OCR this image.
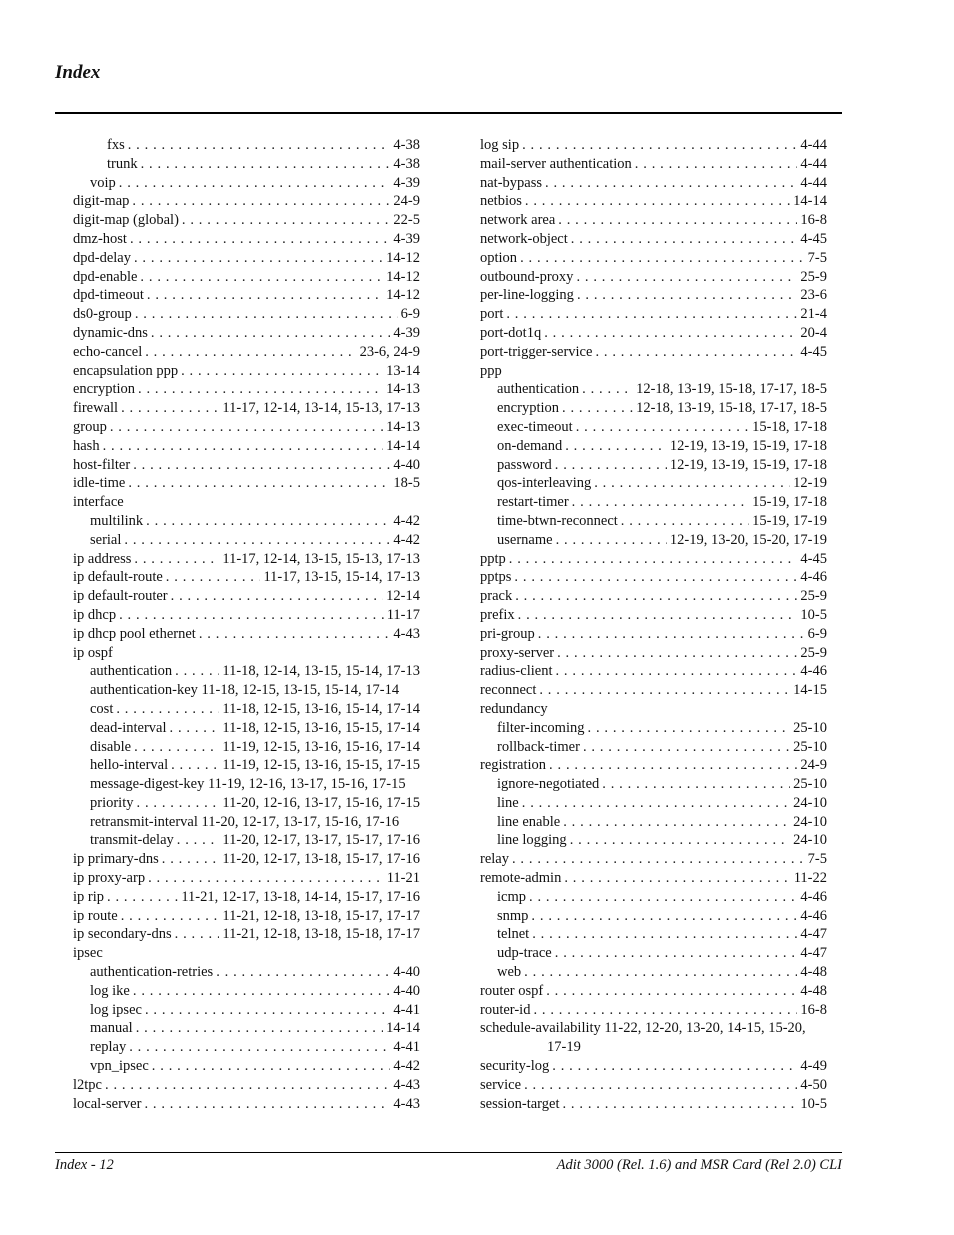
Index
fxs . . .	4-38
trunk . . .	4-38
voip . . .	4-39
digit-map . . .	24-9
digit-map (global) . . .	22-5
dmz-host . . .	4-39
dpd-delay . . .	14-12
dpd-enable . . .	14-12
dpd-timeout . . .	14-12
ds0-group . . .	6-9
dynamic-dns . . .	4-39
echo-cancel . . .	23-6, 24-9
encapsulation ppp . . .	13-14
encryption . . .	14-13
firewall . . .	11-17, 12-14, 13-14, 15-13, 17-13
group . . .	14-13
hash . . .	14-14
host-filter . . .	4-40
idle-time . . .	18-5
interface
multilink . . .	4-42
serial . . .	4-42
ip address . . .	11-17, 12-14, 13-15, 15-13, 17-13
ip default-route . . .	11-17, 13-15, 15-14, 17-13
ip default-router . . .	12-14
ip dhcp . . .	11-17
ip dhcp pool ethernet . . .	4-43
ip ospf
authentication . . .	11-18, 12-14, 13-15, 15-14, 17-13
authentication-key 11-18, 12-15, 13-15, 15-14, 17-14
cost . . .	11-18, 12-15, 13-16, 15-14, 17-14
dead-interval . . .	11-18, 12-15, 13-16, 15-15, 17-14
disable . . .	11-19, 12-15, 13-16, 15-16, 17-14
hello-interval . . .	11-19, 12-15, 13-16, 15-15, 17-15
message-digest-key 11-19, 12-16, 13-17, 15-16, 17-15
priority . . .	11-20, 12-16, 13-17, 15-16, 17-15
retransmit-interval 11-20, 12-17, 13-17, 15-16, 17-16
transmit-delay . . .	11-20, 12-17, 13-17, 15-17, 17-16
ip primary-dns . . .	11-20, 12-17, 13-18, 15-17, 17-16
ip proxy-arp . . .	11-21
ip rip . . .	11-21, 12-17, 13-18, 14-14, 15-17, 17-16
ip route . . .	11-21, 12-18, 13-18, 15-17, 17-17
ip secondary-dns . . .	11-21, 12-18, 13-18, 15-18, 17-17
ipsec
authentication-retries . . .	4-40
log ike . . .	4-40
log ipsec . . .	4-41
manual . . .	14-14
replay . . .	4-41
vpn_ipsec . . .	4-42
l2tpc . . .	4-43
local-server . . .	4-43
log sip . . .	4-44
mail-server authentication . . .	4-44
nat-bypass . . .	4-44
netbios . . .	14-14
network area . . .	16-8
network-object . . .	4-45
option . . .	7-5
outbound-proxy . . .	25-9
per-line-logging . . .	23-6
port . . .	21-4
port-dot1q . . .	20-4
port-trigger-service . . .	4-45
ppp
authentication . . .	12-18, 13-19, 15-18, 17-17, 18-5
encryption . . .	12-18, 13-19, 15-18, 17-17, 18-5
exec-timeout . . .	15-18, 17-18
on-demand . . .	12-19, 13-19, 15-19, 17-18
password . . .	12-19, 13-19, 15-19, 17-18
qos-interleaving . . .	12-19
restart-timer . . .	15-19, 17-18
time-btwn-reconnect . . .	15-19, 17-19
username . . .	12-19, 13-20, 15-20, 17-19
pptp . . .	4-45
pptps . . .	4-46
prack . . .	25-9
prefix . . .	10-5
pri-group . . .	6-9
proxy-server . . .	25-9
radius-client . . .	4-46
reconnect . . .	14-15
redundancy
filter-incoming . . .	25-10
rollback-timer . . .	25-10
registration . . .	24-9
ignore-negotiated . . .	25-10
line . . .	24-10
line enable . . .	24-10
line logging . . .	24-10
relay . . .	7-5
remote-admin . . .	11-22
icmp . . .	4-46
snmp . . .	4-46
telnet . . .	4-47
udp-trace . . .	4-47
web . . .	4-48
router ospf . . .	4-48
router-id . . .	16-8
schedule-availability 11-22, 12-20, 13-20, 14-15, 15-20,
17-19
security-log . . .	4-49
service . . .	4-50
session-target . . .	10-5
Index - 12	Adit 3000 (Rel. 1.6) and MSR Card (Rel 2.0) CLI
